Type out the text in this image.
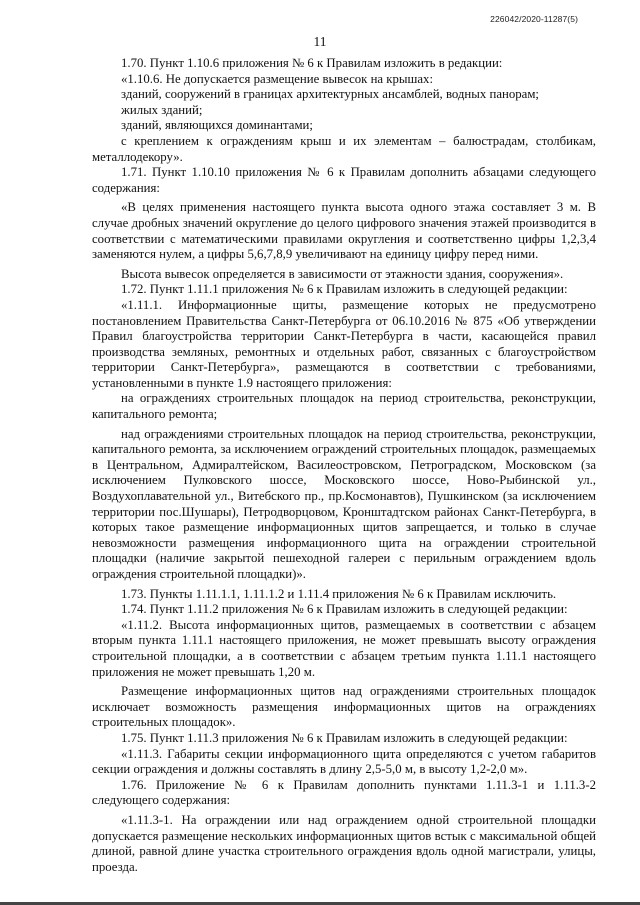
226042/2020-11287(5)
11

1.70. Пункт 1.10.6 приложения № 6 к Правилам изложить в редакции:

«1.10.6. Не допускается размещение вывесок на крышах:

зданий, сооружений в границах архитектурных ансамблей, водных панорам;

жилых зданий;

зданий, являющихся доминантами;

с креплением к ограждениям крыш и их элементам – балюстрадам, столбикам, металлодекору».

1.71. Пункт 1.10.10 приложения № 6 к Правилам дополнить абзацами следующего содержания:

«В целях применения настоящего пункта высота одного этажа составляет 3 м. В случае дробных значений округление до целого цифрового значения этажей производится в соответствии с математическими правилами округления и соответственно цифры 1,2,3,4 заменяются нулем, а цифры 5,6,7,8,9 увеличивают на единицу цифру перед ними.

Высота вывесок определяется в зависимости от этажности здания, сооружения».

1.72. Пункт 1.11.1 приложения № 6 к Правилам изложить в следующей редакции:

«1.11.1. Информационные щиты, размещение которых не предусмотрено постановлением Правительства Санкт-Петербурга от 06.10.2016 № 875 «Об утверждении Правил благоустройства территории Санкт-Петербурга в части, касающейся правил производства земляных, ремонтных и отдельных работ, связанных с благоустройством территории Санкт-Петербурга», размещаются в соответствии с требованиями, установленными в пункте 1.9 настоящего приложения:

на ограждениях строительных площадок на период строительства, реконструкции, капитального ремонта;

над ограждениями строительных площадок на период строительства, реконструкции, капитального ремонта, за исключением ограждений строительных площадок, размещаемых в Центральном, Адмиралтейском, Василеостровском, Петроградском, Московском (за исключением Пулковского шоссе, Московского шоссе, Ново-Рыбинской ул., Воздухоплавательной ул., Витебского пр., пр.Космонавтов), Пушкинском (за исключением территории пос.Шушары), Петродворцовом, Кронштадтском районах Санкт-Петербурга, в которых такое размещение информационных щитов запрещается, и только в случае невозможности размещения информационного щита на ограждении строительной площадки (наличие закрытой пешеходной галереи с перильным ограждением вдоль ограждения строительной площадки)».

1.73. Пункты 1.11.1.1, 1.11.1.2 и 1.11.4 приложения № 6 к Правилам исключить.

1.74. Пункт 1.11.2 приложения № 6 к Правилам изложить в следующей редакции:

«1.11.2. Высота информационных щитов, размещаемых в соответствии с абзацем вторым пункта 1.11.1 настоящего приложения, не может превышать высоту ограждения строительной площадки, а в соответствии с абзацем третьим пункта 1.11.1 настоящего приложения не может превышать 1,20 м.

Размещение информационных щитов над ограждениями строительных площадок исключает возможность размещения информационных щитов на ограждениях строительных площадок».

1.75. Пункт 1.11.3 приложения № 6 к Правилам изложить в следующей редакции:

«1.11.3. Габариты секции информационного щита определяются с учетом габаритов секции ограждения и должны составлять в длину 2,5-5,0 м, в высоту 1,2-2,0 м».

1.76. Приложение № 6 к Правилам дополнить пунктами 1.11.3-1 и 1.11.3-2 следующего содержания:

«1.11.3-1. На ограждении или над ограждением одной строительной площадки допускается размещение нескольких информационных щитов встык с максимальной общей длиной, равной длине участка строительного ограждения вдоль одной магистрали, улицы, проезда.
